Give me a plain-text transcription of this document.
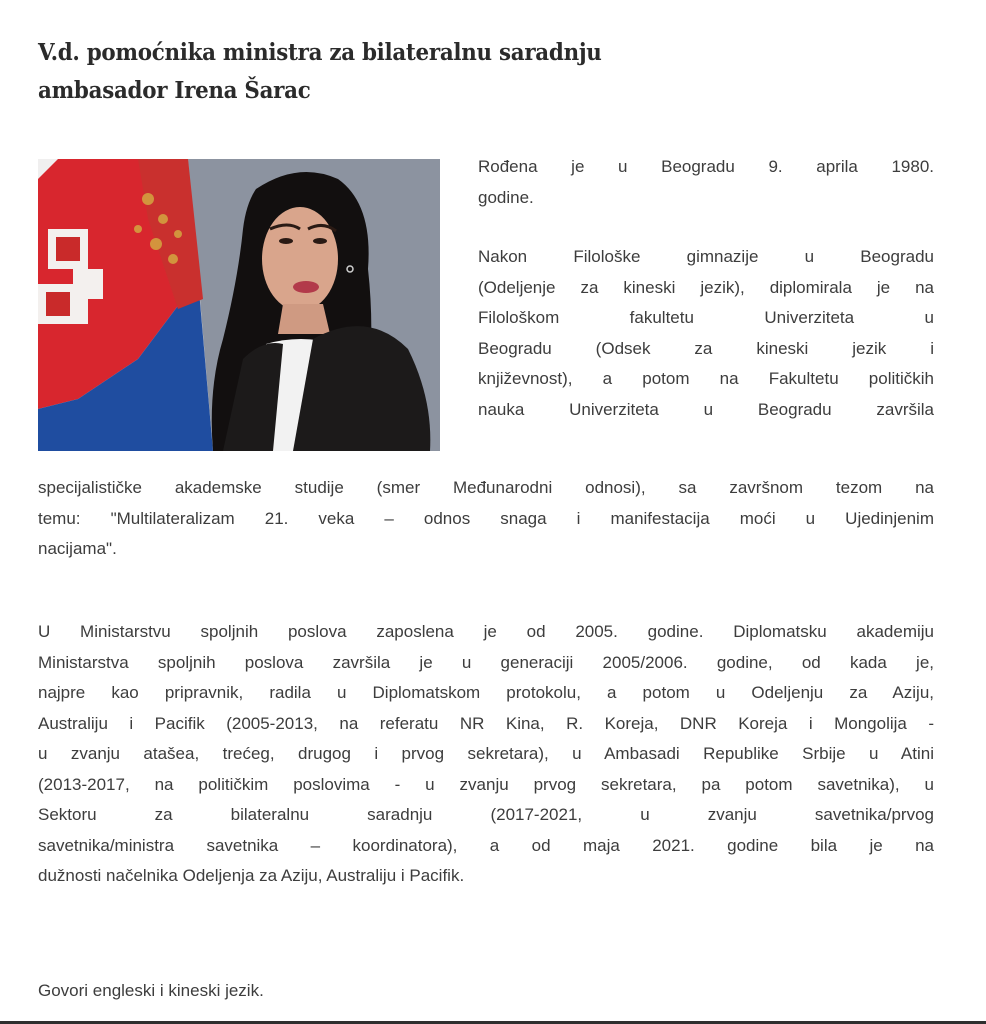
V.d. pomoćnika ministra za bilateralnu saradnju
ambasador Irena Šarac

Rođena je u Beogradu 9. aprila 1980.
godine.

Nakon Filološke gimnazije u Beogradu
(Odeljenje za kineski jezik), diplomirala je na
Filološkom fakultetu Univerziteta u
Beogradu (Odsek za kineski jezik i
književnost), a potom na Fakultetu političkih
nauka Univerziteta u Beogradu završila

specijalističke akademske studije (smer Međunarodni odnosi), sa završnom tezom na
temu: "Multilateralizam 21. veka – odnos snaga i manifestacija moći u Ujedinjenim
nacijama".
U Ministarstvu spoljnih poslova zaposlena je od 2005. godine. Diplomatsku akademiju
Ministarstva spoljnih poslova završila je u generaciji 2005/2006. godine, od kada je,
najpre kao pripravnik, radila u Diplomatskom protokolu, a potom u Odeljenju za Aziju,
Australiju i Pacifik (2005-2013, na referatu NR Kina, R. Koreja, DNR Koreja i Mongolija -
u zvanju atašea, trećeg, drugog i prvog sekretara), u Ambasadi Republike Srbije u Atini
(2013-2017, na političkim poslovima - u zvanju prvog sekretara, pa potom savetnika), u
Sektoru za bilateralnu saradnju (2017-2021, u zvanju savetnika/prvog
savetnika/ministra savetnika – koordinatora), a od maja 2021. godine bila je na
dužnosti načelnika Odeljenja za Aziju, Australiju i Pacifik.
Govori engleski i kineski jezik.
